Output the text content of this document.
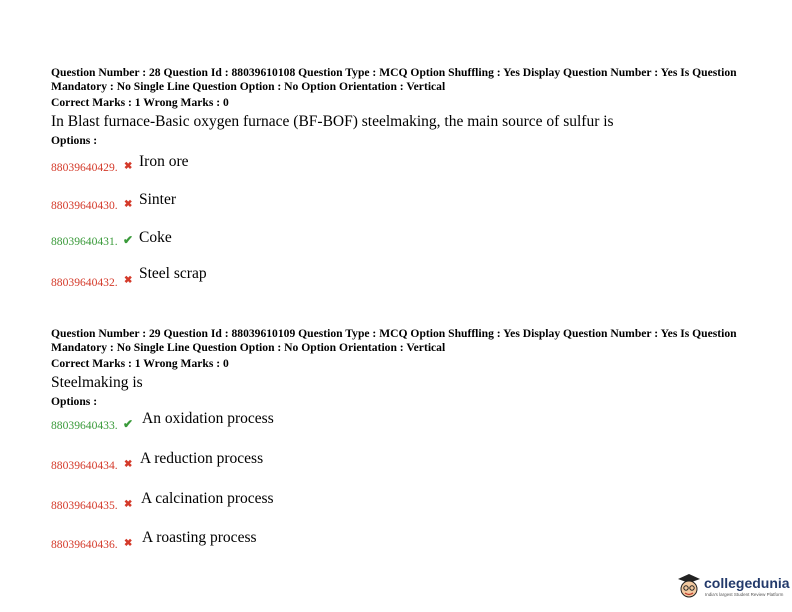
Question Number : 28 Question Id : 88039610108 Question Type : MCQ Option Shuffling : Yes Display Question Number : Yes Is Question Mandatory : No Single Line Question Option : No Option Orientation : Vertical
Correct Marks : 1 Wrong Marks : 0
In Blast furnace-Basic oxygen furnace (BF-BOF) steelmaking, the main source of sulfur is
Options :
88039640429. ✖ Iron ore
88039640430. ✖ Sinter
88039640431. ✔ Coke
88039640432. ✖ Steel scrap
Question Number : 29 Question Id : 88039610109 Question Type : MCQ Option Shuffling : Yes Display Question Number : Yes Is Question Mandatory : No Single Line Question Option : No Option Orientation : Vertical
Correct Marks : 1 Wrong Marks : 0
Steelmaking is
Options :
88039640433. ✔ An oxidation process
88039640434. ✖ A reduction process
88039640435. ✖ A calcination process
88039640436. ✖ A roasting process
collegedunia
India's largest Student Review Platform
